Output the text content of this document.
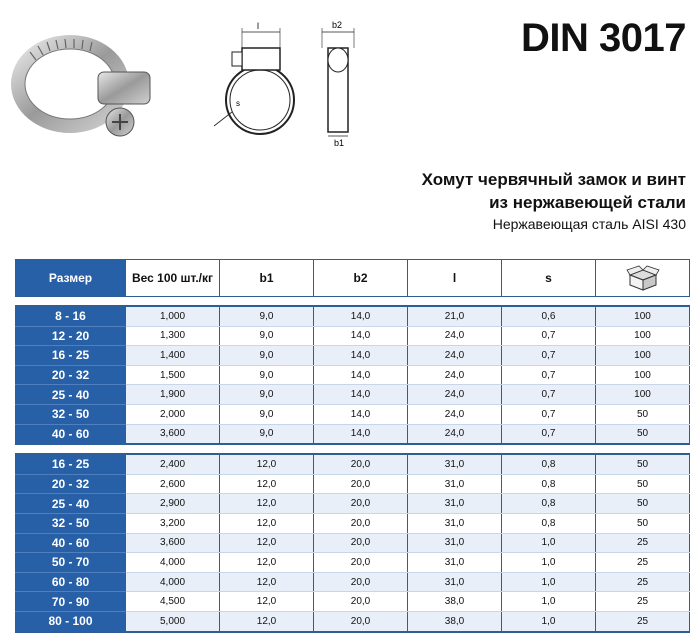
l
s
b2
b1
DIN 3017
Хомут червячный замок и винт
из нержавеющей стали
Нержавеющая сталь AISI 430
Размер	Вес 100 шт./кг	b1	b2	l	s	

8 - 16	1,000	9,0	14,0	21,0	0,6	100
12 - 20	1,300	9,0	14,0	24,0	0,7	100
16 - 25	1,400	9,0	14,0	24,0	0,7	100
20 - 32	1,500	9,0	14,0	24,0	0,7	100
25 - 40	1,900	9,0	14,0	24,0	0,7	100
32 - 50	2,000	9,0	14,0	24,0	0,7	50
40 - 60	3,600	9,0	14,0	24,0	0,7	50

16 - 25	2,400	12,0	20,0	31,0	0,8	50
20 - 32	2,600	12,0	20,0	31,0	0,8	50
25 - 40	2,900	12,0	20,0	31,0	0,8	50
32 - 50	3,200	12,0	20,0	31,0	0,8	50
40 - 60	3,600	12,0	20,0	31,0	1,0	25
50 - 70	4,000	12,0	20,0	31,0	1,0	25
60 - 80	4,000	12,0	20,0	31,0	1,0	25
70 - 90	4,500	12,0	20,0	38,0	1,0	25
80 - 100	5,000	12,0	20,0	38,0	1,0	25
